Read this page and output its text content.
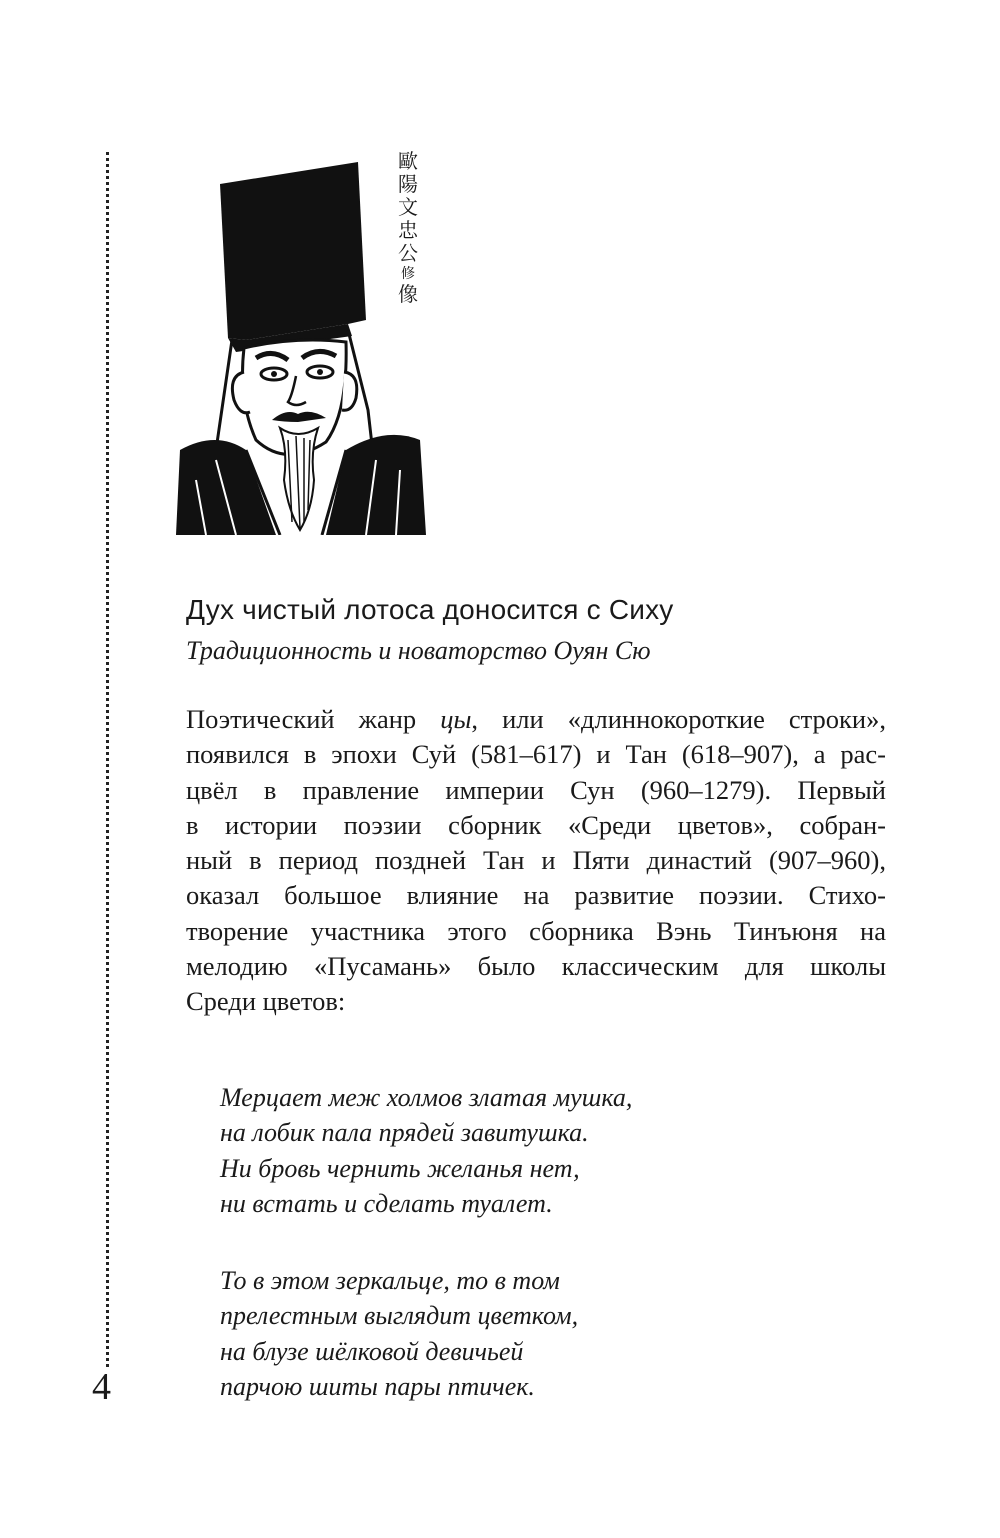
4
歐
陽
文
忠
公
修
像
Дух чистый лотоса доносится с Сиху
Традиционность и новаторство Оуян Сю
Поэтический жанр цы, или «длиннокороткие строки»,
появился в эпохи Суй (581–617) и Тан (618–907), а рас-
цвёл в правление империи Сун (960–1279). Первый
в истории поэзии сборник «Среди цветов», собран-
ный в период поздней Тан и Пяти династий (907–960),
оказал большое влияние на развитие поэзии. Стихо-
творение участника этого сборника Вэнь Тинъюня на
мелодию «Пусамань» было классическим для школы
Среди цветов:
Мерцает меж холмов златая мушка,
на лобик пала прядей завитушка.
Ни бровь чернить желанья нет,
ни встать и сделать туалет.
То в этом зеркальце, то в том
прелестным выглядит цветком,
на блузе шёлковой девичьей
парчою шиты пары птичек.
